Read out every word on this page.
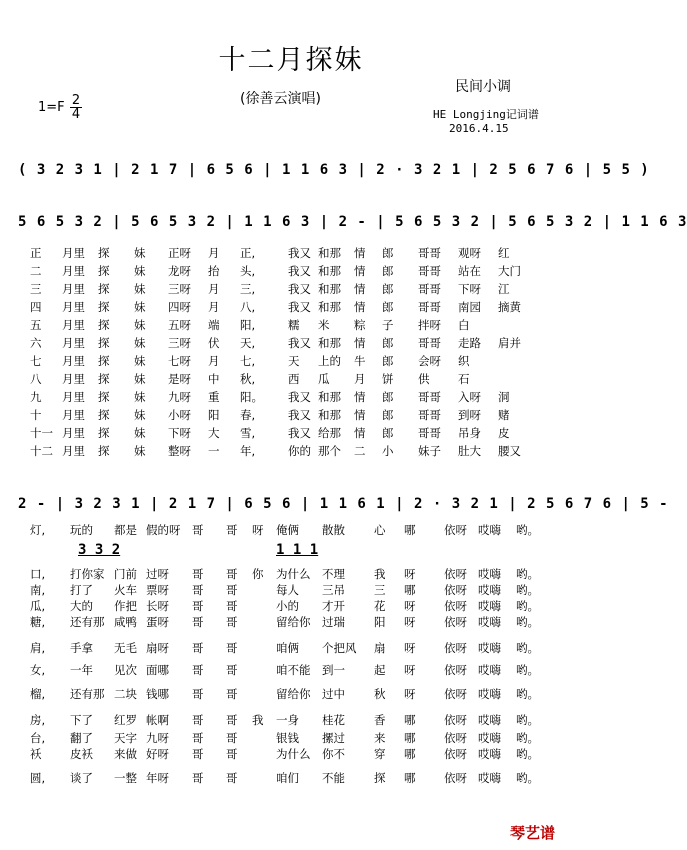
十二月探妹
(徐善云演唱)
民间小调
HE Longjing记词谱
2016.4.15
1=F 2
4
( 3 2 3 1 | 2 1 7 | 6 5 6 | 1 1 6 3 | 2 · 3 2 1 | 2 5 6 7 6 | 5 5 )
5 6 5 3 2 | 5 6 5 3 2 | 1 1 6 3 | 2 - | 5 6 5 3 2 | 5 6 5 3 2 | 1 1 6 3
2 - | 3 2 3 1 | 2 1 7 | 6 5 6 | 1 1 6 1 | 2 · 3 2 1 | 2 5 6 7 6 | 5 -
3 3 2	1 1 1
正 月里 探 妹 正呀 月 正,	我又 和那 情 郎 哥哥 观呀 红
二 月里 探 妹 龙呀 抬 头,	我又 和那 情 郎 哥哥 站在 大门
三 月里 探 妹 三呀 月 三,	我又 和那 情 郎 哥哥 下呀 江
四 月里 探 妹 四呀 月 八,	我又 和那 情 郎 哥哥 南园 摘黄
五 月里 探 妹 五呀 端 阳,	糯 米 粽 子 拌呀 白
六 月里 探 妹 三呀 伏 天,	我又 和那 情 郎 哥哥 走路 肩并
七 月里 探 妹 七呀 月 七,	天 上的 牛 郎 会呀 织
八 月里 探 妹 是呀 中 秋,	西 瓜 月 饼 供 石
九 月里 探 妹 九呀 重 阳。 我又 和那 情 郎 哥哥 入呀 洞
十 月里 探 妹 小呀 阳 春,	我又 和那 情 郎 哥哥 到呀 赌
十一 月里 探 妹 下呀 大 雪,	我又 给那 情 郎 哥哥 吊身 皮
十二 月里 探 妹 整呀 一 年,	你的 那个 二 小 妹子 肚大 腰又
灯, 玩的 都是 假的呀 哥 哥 呀 俺俩 散散	心 哪 依呀 哎嗨 哟。
口, 打你家 门前 过呀 哥 哥 你 为什么 不理	我 呀 依呀 哎嗨 哟。
南, 打了 火车 票呀 哥 哥	每人 三吊	三 哪 依呀 哎嗨 哟。
瓜, 大的 作把 长呀 哥 哥	小的 才开	花 呀 依呀 哎嗨 哟。
糖, 还有那 咸鸭 蛋呀 哥 哥	留给你 过瑞	阳 呀 依呀 哎嗨 哟。
肩, 手拿 无毛 扇呀 哥 哥	咱俩 个把风 扇 呀 依呀 哎嗨 哟。
女, 一年 见次 面哪 哥 哥	咱不能 到一	起 呀 依呀 哎嗨 哟。
榴, 还有那 二块 钱哪 哥 哥	留给你 过中	秋 呀 依呀 哎嗨 哟。
房, 下了 红罗 帐啊 哥 哥 我 一身 桂花	香 哪 依呀 哎嗨 哟。
台, 翻了 天字 九呀 哥 哥	银钱 摞过	来 哪 依呀 哎嗨 哟。
袄 皮袄 来做 好呀 哥 哥	为什么 你不	穿 哪 依呀 哎嗨 哟。
圆, 谈了 一整 年呀 哥 哥	咱们 不能	探 哪 依呀 哎嗨 哟。
琴艺谱
